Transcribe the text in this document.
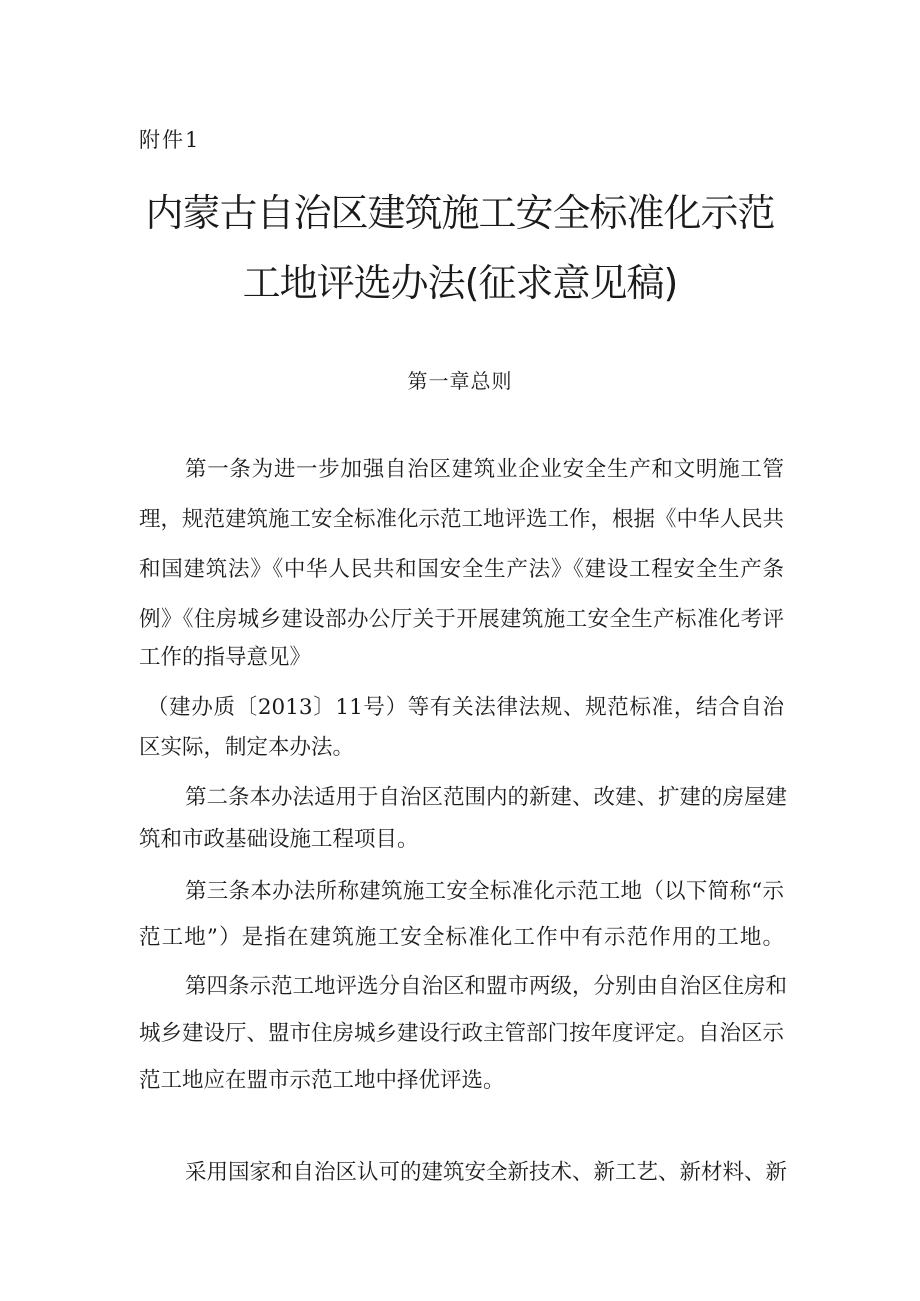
附件1
内蒙古自治区建筑施工安全标准化示范
工地评选办法(征求意见稿)
第一章总则
第一条为进一步加强自治区建筑业企业安全生产和文明施工管
理，规范建筑施工安全标准化示范工地评选工作，根据《中华人民共
和国建筑法》《中华人民共和国安全生产法》《建设工程安全生产条
例》《住房城乡建设部办公厅关于开展建筑施工安全生产标准化考评
工作的指导意见》
（建办质〔2013〕11号）等有关法律法规、规范标准，结合自治
区实际，制定本办法。
第二条本办法适用于自治区范围内的新建、改建、扩建的房屋建
筑和市政基础设施工程项目。
第三条本办法所称建筑施工安全标准化示范工地（以下简称“示
范工地”）是指在建筑施工安全标准化工作中有示范作用的工地。
第四条示范工地评选分自治区和盟市两级，分别由自治区住房和
城乡建设厅、盟市住房城乡建设行政主管部门按年度评定。自治区示
范工地应在盟市示范工地中择优评选。
采用国家和自治区认可的建筑安全新技术、新工艺、新材料、新
